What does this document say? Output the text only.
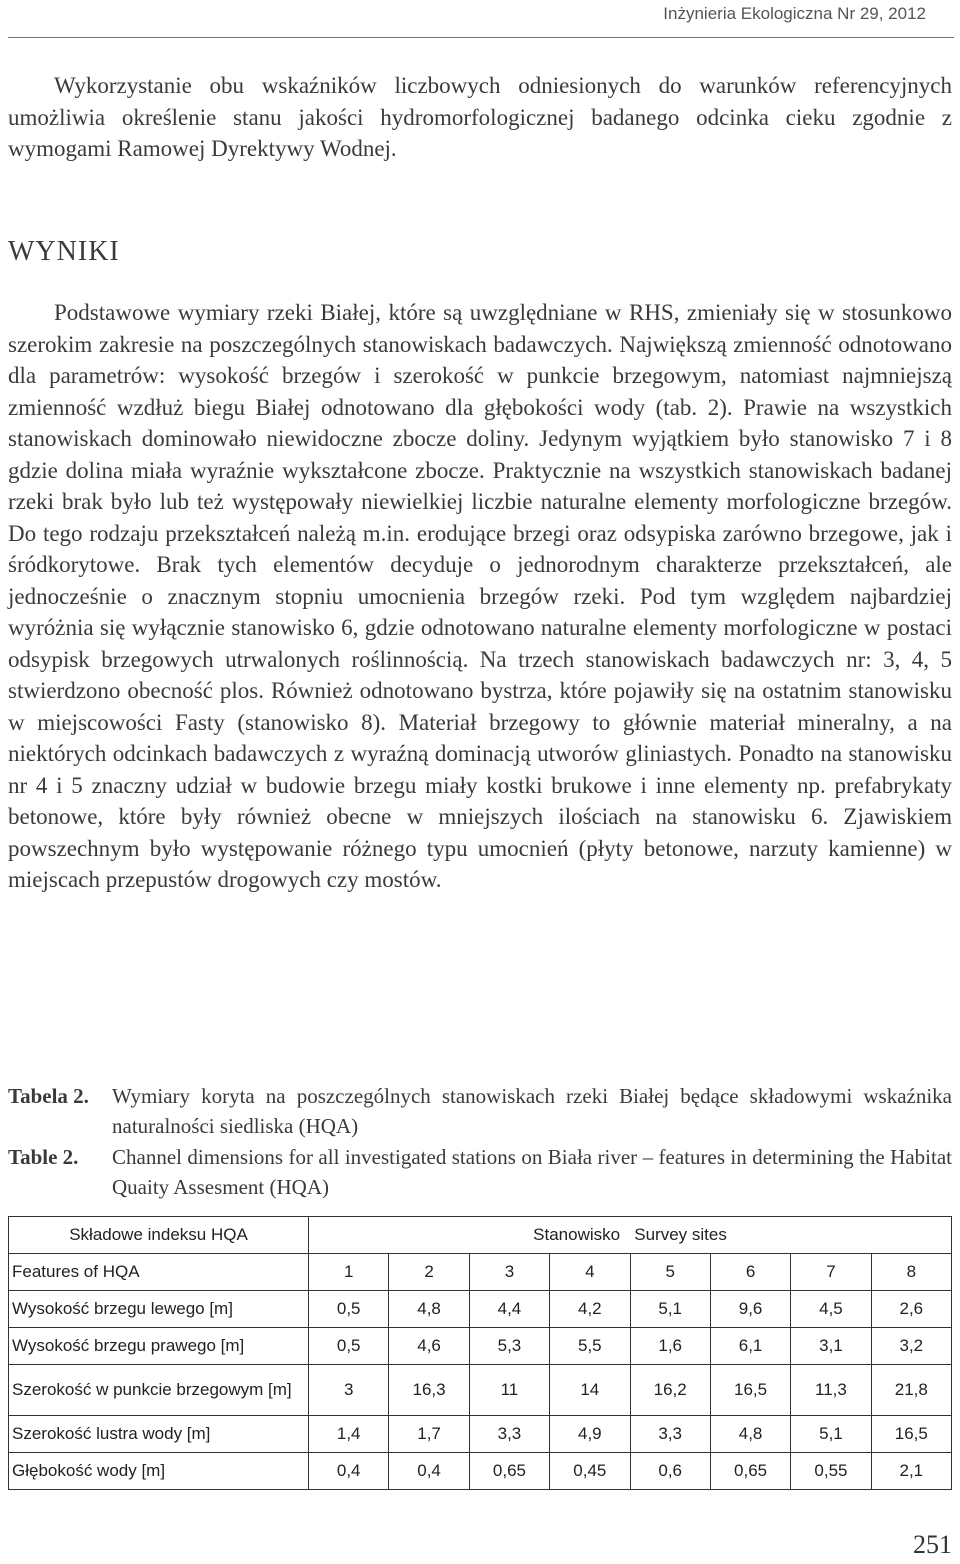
Inżynieria Ekologiczna Nr 29, 2012

Wykorzystanie obu wskaźników liczbowych odniesionych do warunków referencyjnych umożliwia określenie stanu jakości hydromorfologicznej badanego odcinka cieku zgodnie z wymogami Ramowej Dyrektywy Wodnej.

WYNIKI

Podstawowe wymiary rzeki Białej, które są uwzględniane w RHS, zmieniały się w stosunkowo szerokim zakresie na poszczególnych stanowiskach badawczych. Największą zmienność odnotowano dla parametrów: wysokość brzegów i szerokość w punkcie brzegowym, natomiast najmniejszą zmienność wzdłuż biegu Białej odnotowano dla głębokości wody (tab. 2). Prawie na wszystkich stanowiskach dominowało niewidoczne zbocze doliny. Jedynym wyjątkiem było stanowisko 7 i 8 gdzie dolina miała wyraźnie wykształcone zbocze. Praktycznie na wszystkich stanowiskach badanej rzeki brak było lub też występowały niewielkiej liczbie naturalne elementy morfologiczne brzegów. Do tego rodzaju przekształceń należą m.in. erodujące brzegi oraz odsypiska zarówno brzegowe, jak i śródkorytowe. Brak tych elementów decyduje o jednorodnym charakterze przekształceń, ale jednocześnie o znacznym stopniu umocnienia brzegów rzeki. Pod tym względem najbardziej wyróżnia się wyłącznie stanowisko 6, gdzie odnotowano naturalne elementy morfologiczne w postaci odsypisk brzegowych utrwalonych roślinnością. Na trzech stanowiskach badawczych nr: 3, 4, 5 stwierdzono obecność plos. Również odnotowano bystrza, które pojawiły się na ostatnim stanowisku w miejscowości Fasty (stanowisko 8). Materiał brzegowy to głównie materiał mineralny, a na niektórych odcinkach badawczych z wyraźną dominacją utworów gliniastych. Ponadto na stanowisku nr 4 i 5 znaczny udział w budowie brzegu miały kostki brukowe i inne elementy np. prefabrykaty betonowe, które były również obecne w mniejszych ilościach na stanowisku 6. Zjawiskiem powszechnym było występowanie różnego typu umocnień (płyty betonowe, narzuty kamienne) w miejscach przepustów drogowych czy mostów.

Tabela 2.	Wymiary koryta na poszczególnych stanowiskach rzeki Białej będące składowymi wskaźnika naturalności siedliska (HQA)
Table 2.	Channel dimensions for all investigated stations on Biała river – features in determining the Habitat Quaity Assesment (HQA)
Składowe indeksu HQA	Stanowisko   Survey sites							
Features of HQA	1	2	3	4	5	6	7	8
Wysokość brzegu lewego [m]	0,5	4,8	4,4	4,2	5,1	9,6	4,5	2,6
Wysokość brzegu prawego [m]	0,5	4,6	5,3	5,5	1,6	6,1	3,1	3,2
Szerokość w punkcie brzegowym [m]	3	16,3	11	14	16,2	16,5	11,3	21,8
Szerokość lustra wody [m]	1,4	1,7	3,3	4,9	3,3	4,8	5,1	16,5
Głębokość wody [m]	0,4	0,4	0,65	0,45	0,6	0,65	0,55	2,1
251
